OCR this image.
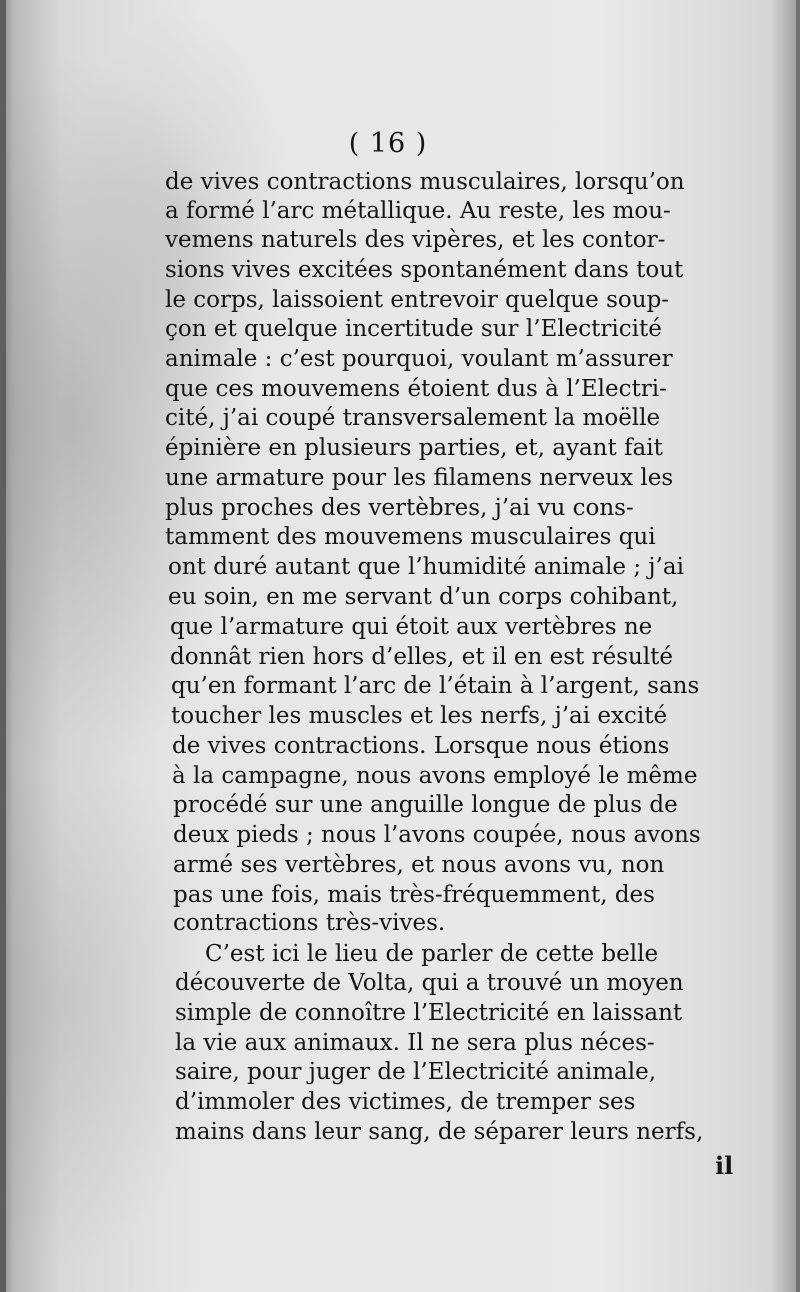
( 16 )
de vives contractions musculaires, lorsqu’on
a formé l’arc métallique. Au reste, les mou-
vemens naturels des vipères, et les contor-
sions vives excitées spontanément dans tout
le corps, laissoient entrevoir quelque soup-
çon et quelque incertitude sur l’Electricité
animale : c’est pourquoi, voulant m’assurer
que ces mouvemens étoient dus à l’Electri-
cité, j’ai coupé transversalement la moëlle
épinière en plusieurs parties, et, ayant fait
une armature pour les filamens nerveux les
plus proches des vertèbres, j’ai vu cons-
tamment des mouvemens musculaires qui
ont duré autant que l’humidité animale ; j’ai
eu soin, en me servant d’un corps cohibant,
que l’armature qui étoit aux vertèbres ne
donnât rien hors d’elles, et il en est résulté
qu’en formant l’arc de l’étain à l’argent, sans
toucher les muscles et les nerfs, j’ai excité
de vives contractions. Lorsque nous étions
à la campagne, nous avons employé le même
procédé sur une anguille longue de plus de
deux pieds ; nous l’avons coupée, nous avons
armé ses vertèbres, et nous avons vu, non
pas une fois, mais très-fréquemment, des
contractions très-vives.
C’est ici le lieu de parler de cette belle
découverte de Volta, qui a trouvé un moyen
simple de connoître l’Electricité en laissant
la vie aux animaux. Il ne sera plus néces-
saire, pour juger de l’Electricité animale,
d’immoler des victimes, de tremper ses
mains dans leur sang, de séparer leurs nerfs,
il
